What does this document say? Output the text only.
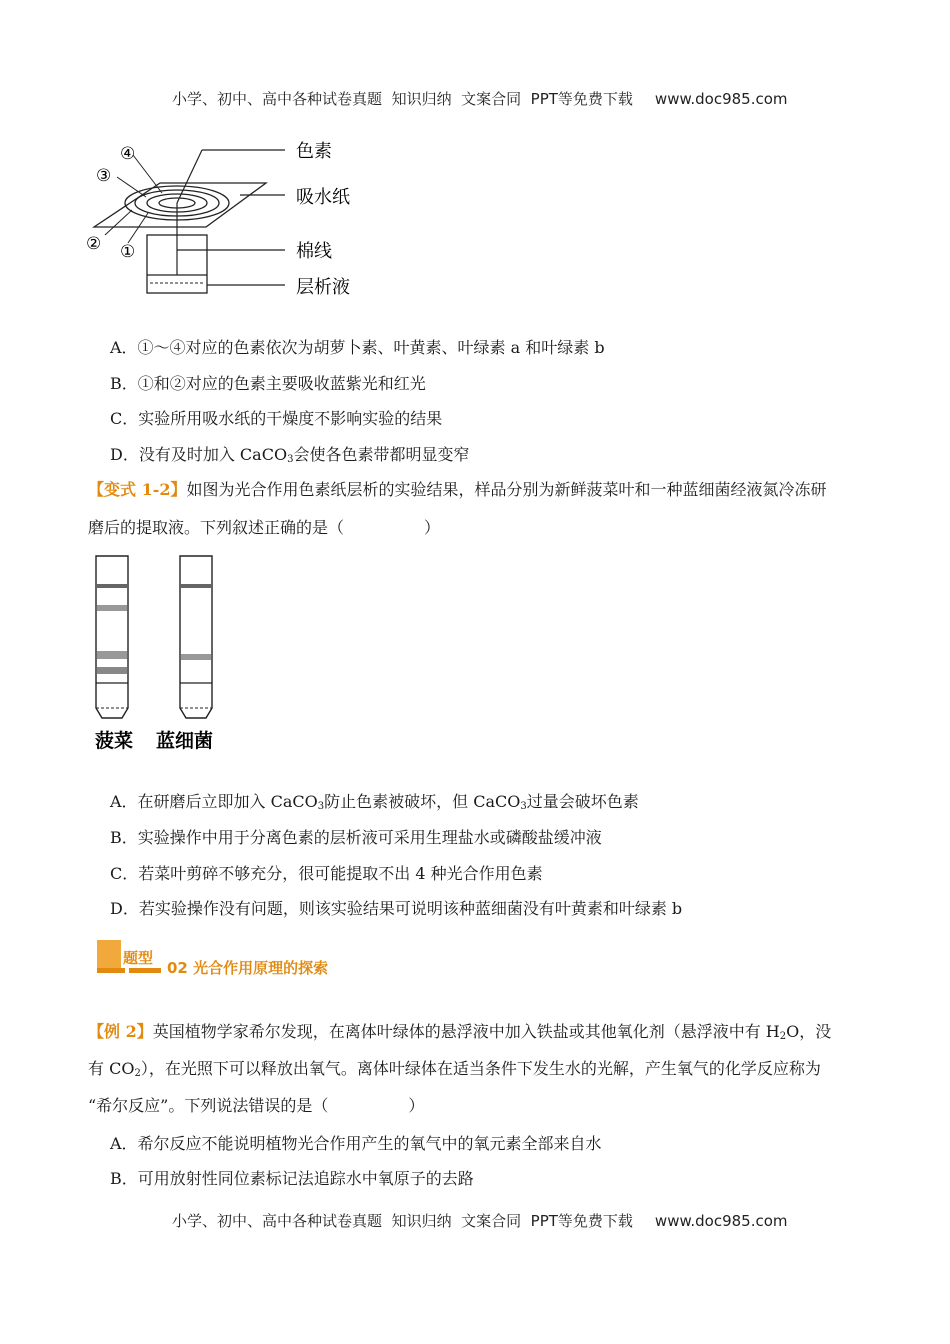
小学、初中、高中各种试卷真题  知识归纳  文案合同  PPT等免费下载 www.doc985.com

④
③
② ①
色素
吸水纸
棉线
层析液
A．①～④对应的色素依次为胡萝卜素、叶黄素、叶绿素 a 和叶绿素 b
B．①和②对应的色素主要吸收蓝紫光和红光
C．实验所用吸水纸的干燥度不影响实验的结果
D．没有及时加入 CaCO$_3$会使各色素带都明显变窄
【变式 1-2】如图为光合作用色素纸层析的实验结果，样品分别为新鲜菠菜叶和一种蓝细菌经液氮冷冻研
磨后的提取液。下列叙述正确的是（　　　　　）
菠菜 蓝细菌
A．在研磨后立即加入 CaCO$_3$防止色素被破坏，但 CaCO$_3$过量会破坏色素
B．实验操作中用于分离色素的层析液可采用生理盐水或磷酸盐缓冲液
C．若菜叶剪碎不够充分，很可能提取不出 4 种光合作用色素
D．若实验操作没有问题，则该实验结果可说明该种蓝细菌没有叶黄素和叶绿素 b
题型
02 光合作用原理的探索
【例 2】英国植物学家希尔发现，在离体叶绿体的悬浮液中加入铁盐或其他氧化剂（悬浮液中有 $H_2O$，没
有 $CO_2$），在光照下可以释放出氧气。离体叶绿体在适当条件下发生水的光解，产生氧气的化学反应称为
“希尔反应”。下列说法错误的是（　　　　　）
A．希尔反应不能说明植物光合作用产生的氧气中的氧元素全部来自水
B．可用放射性同位素标记法追踪水中氧原子的去路

小学、初中、高中各种试卷真题  知识归纳  文案合同  PPT等免费下载 www.doc985.com
